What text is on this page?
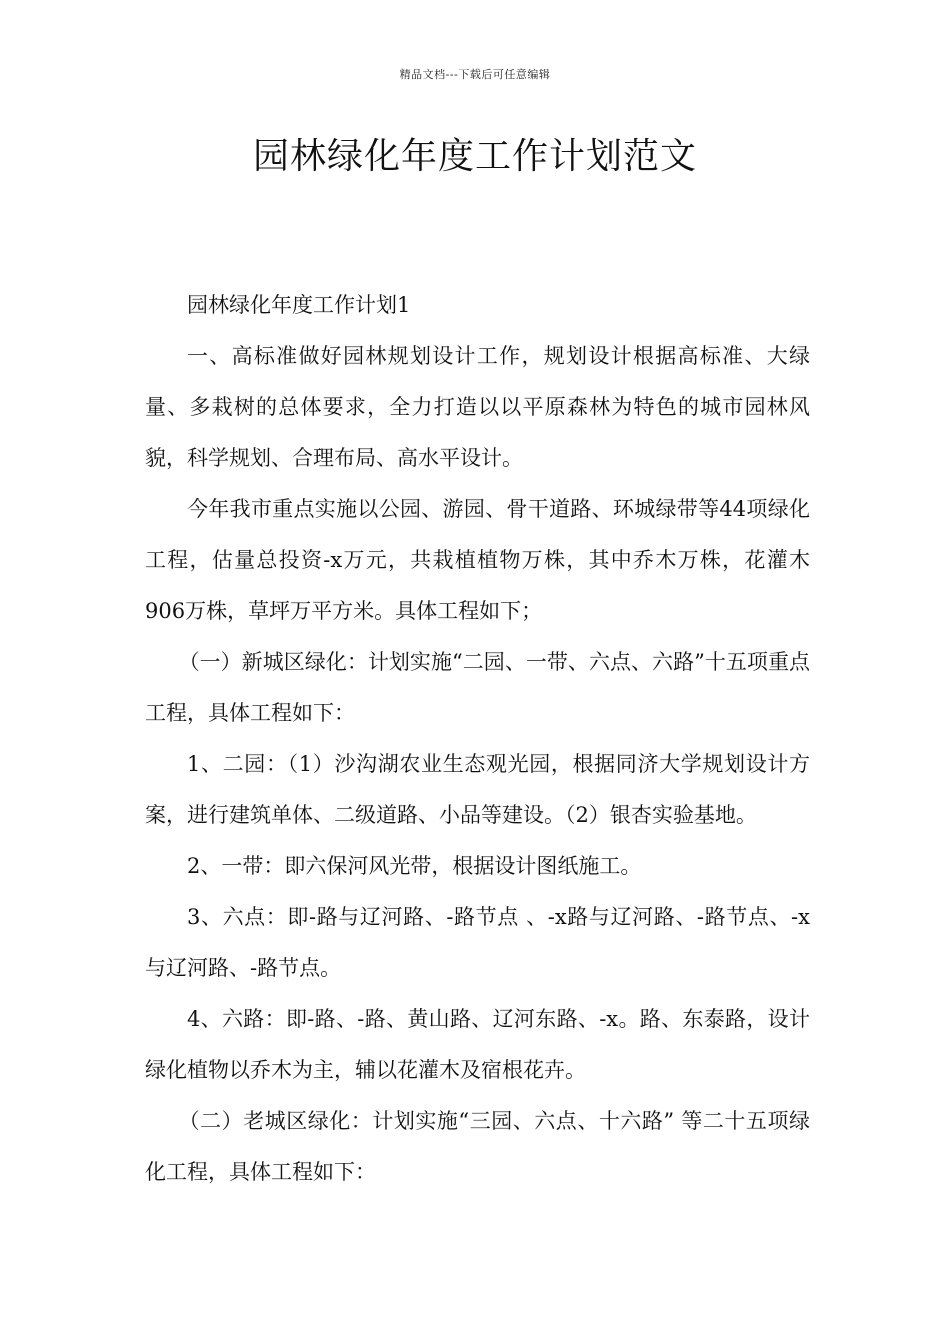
精品文档---下载后可任意编辑

园林绿化年度工作计划范文

园林绿化年度工作计划1

一、高标准做好园林规划设计工作，规划设计根据高标准、大绿量、多栽树的总体要求，全力打造以以平原森林为特色的城市园林风貌，科学规划、合理布局、高水平设计。

今年我市重点实施以公园、游园、骨干道路、环城绿带等44项绿化工程，估量总投资-x万元，共栽植植物万株，其中乔木万株，花灌木906万株，草坪万平方米。具体工程如下；

（一）新城区绿化：计划实施“二园、一带、六点、六路”十五项重点工程，具体工程如下：

1、二园：（1）沙沟湖农业生态观光园，根据同济大学规划设计方案，进行建筑单体、二级道路、小品等建设。（2）银杏实验基地。

2、一带：即六保河风光带，根据设计图纸施工。

3、六点：即-路与辽河路、-路节点 、-x路与辽河路、-路节点、-x与辽河路、-路节点。

4、六路：即-路、-路、黄山路、辽河东路、-x。路、东泰路，设计绿化植物以乔木为主，辅以花灌木及宿根花卉。

（二）老城区绿化：计划实施“三园、六点、十六路” 等二十五项绿化工程，具体工程如下：
